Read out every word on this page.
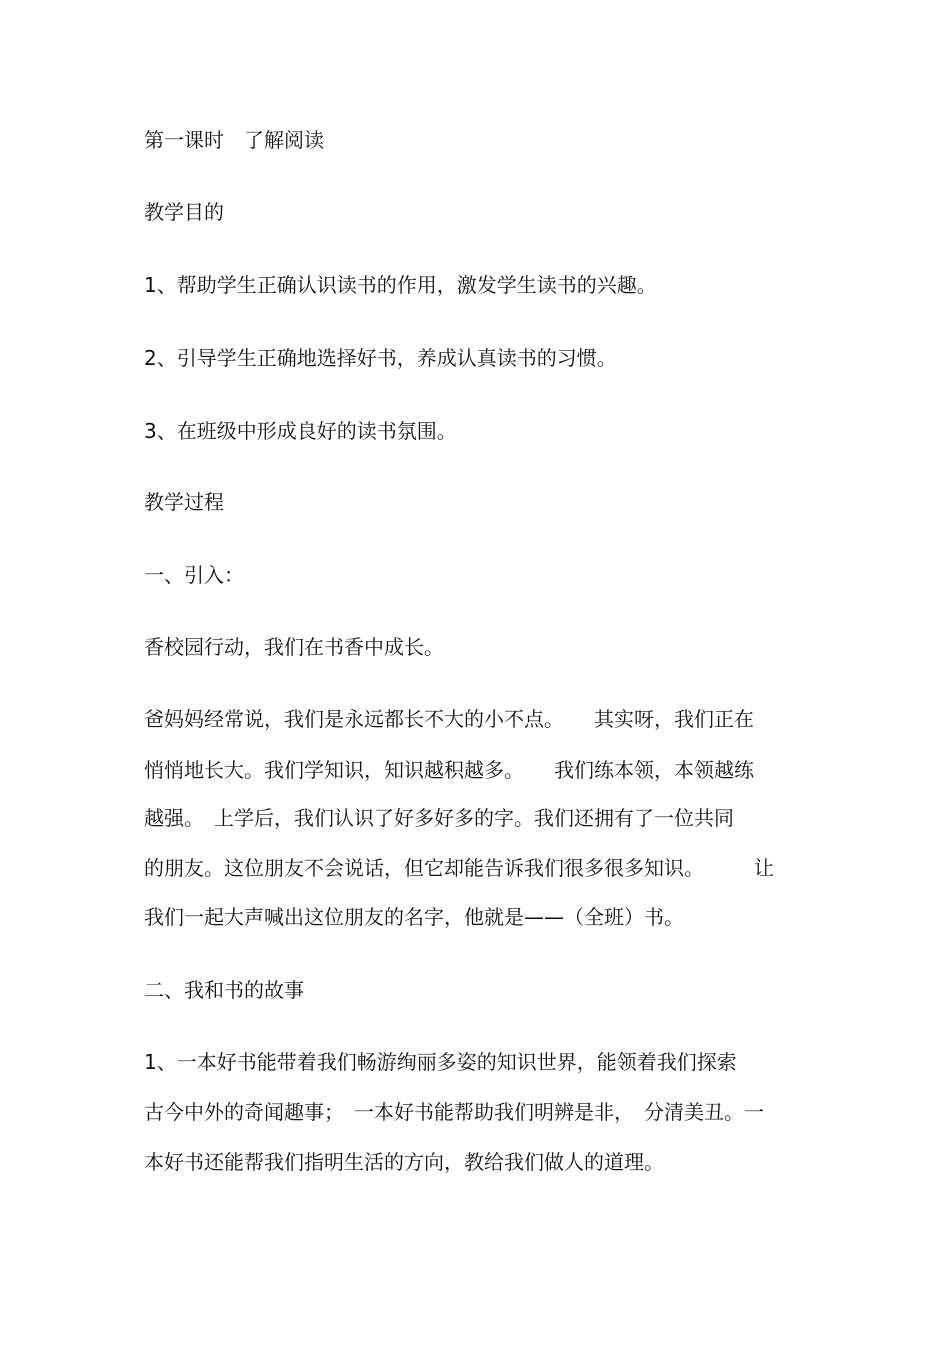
第一课时　了解阅读

教学目的

1、帮助学生正确认识读书的作用，激发学生读书的兴趣。

2、引导学生正确地选择好书，养成认真读书的习惯。

3、在班级中形成良好的读书氛围。

教学过程

一、引入：

香校园行动，我们在书香中成长。

爸妈妈经常说，我们是永远都长不大的小不点。　　其实呀，我们正在

悄悄地长大。我们学知识，知识越积越多。　　我们练本领，本领越练

越强。　上学后，我们认识了好多好多的字。我们还拥有了一位共同

的朋友。这位朋友不会说话，但它却能告诉我们很多很多知识。　　　让

我们一起大声喊出这位朋友的名字，他就是——（全班）书。

二、我和书的故事

1、一本好书能带着我们畅游绚丽多姿的知识世界，能领着我们探索

古今中外的奇闻趣事；　一本好书能帮助我们明辨是非，　分清美丑。一

本好书还能帮我们指明生活的方向，教给我们做人的道理。
